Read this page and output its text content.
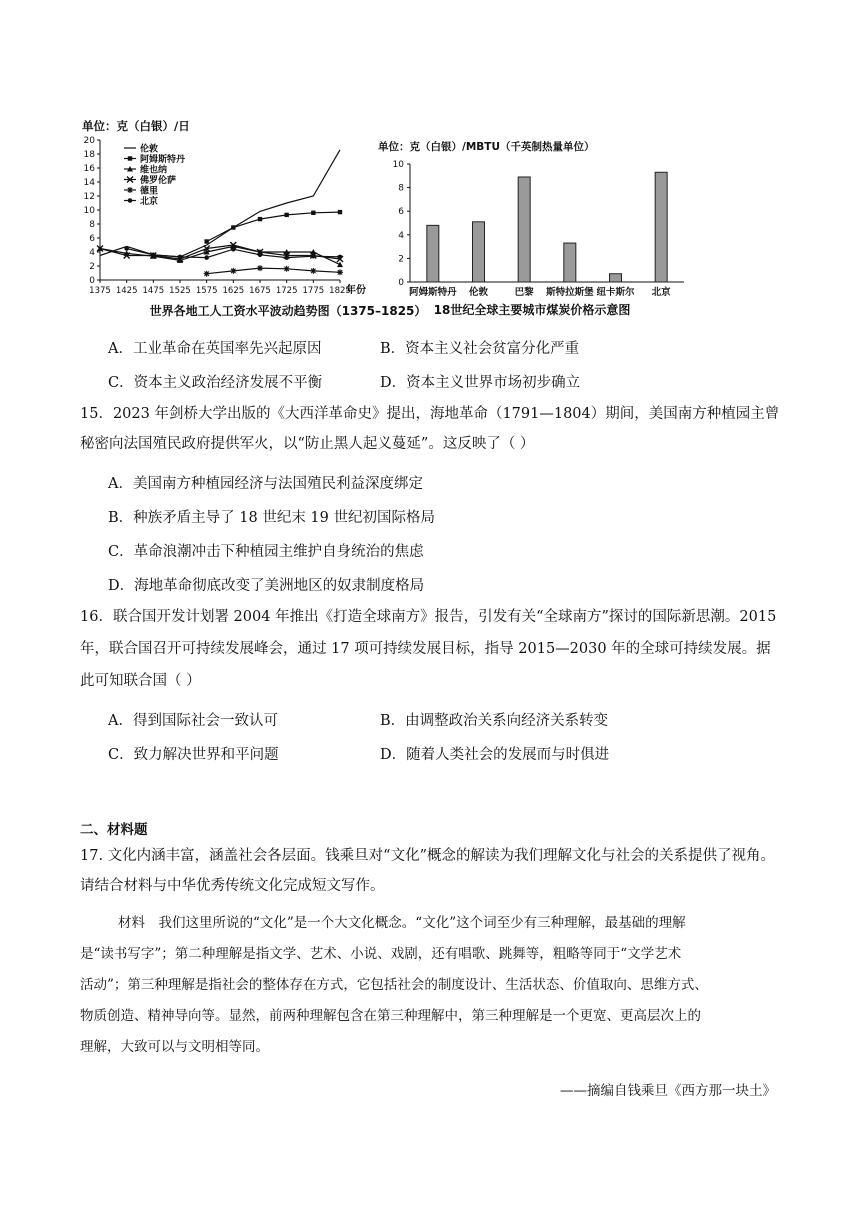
单位：克（白银）/日
0
2
4
6
8
10
12
14
16
18
20
1375 1425 1475 1525 1575 1625 1675 1725 1775 1825
年份
伦敦
阿姆斯特丹
维也纳
佛罗伦萨
德里
北京
世界各地工人工资水平波动趋势图（1375–1825）
单位：克（白银）/MBTU（千英制热量单位）
0
2
4
6
8
10
阿姆斯特丹 伦敦	巴黎 斯特拉斯堡 纽卡斯尔 北京
18世纪全球主要城市煤炭价格示意图
A．工业革命在英国率先兴起原因	B．资本主义社会贫富分化严重
C．资本主义政治经济发展不平衡	D．资本主义世界市场初步确立
15．2023 年剑桥大学出版的《大西洋革命史》提出，海地革命（1791—1804）期间，美国南方种植园主曾
秘密向法国殖民政府提供军火，以“防止黑人起义蔓延”。这反映了（ ）
A．美国南方种植园经济与法国殖民利益深度绑定
B．种族矛盾主导了 18 世纪末 19 世纪初国际格局
C．革命浪潮冲击下种植园主维护自身统治的焦虑
D．海地革命彻底改变了美洲地区的奴隶制度格局
16．联合国开发计划署 2004 年推出《打造全球南方》报告，引发有关“全球南方”探讨的国际新思潮。2015
年，联合国召开可持续发展峰会，通过 17 项可持续发展目标，指导 2015—2030 年的全球可持续发展。据
此可知联合国（ ）
A．得到国际社会一致认可	B．由调整政治关系向经济关系转变
C．致力解决世界和平问题	D．随着人类社会的发展而与时俱进
二、材料题
17. 文化内涵丰富，涵盖社会各层面。钱乘旦对“文化”概念的解读为我们理解文化与社会的关系提供了视角。
请结合材料与中华优秀传统文化完成短文写作。
材料　我们这里所说的“文化”是一个大文化概念。“文化”这个词至少有三种理解，最基础的理解
是“读书写字”；第二种理解是指文学、艺术、小说、戏剧，还有唱歌、跳舞等，粗略等同于“文学艺术
活动”；第三种理解是指社会的整体存在方式，它包括社会的制度设计、生活状态、价值取向、思维方式、
物质创造、精神导向等。显然，前两种理解包含在第三种理解中，第三种理解是一个更宽、更高层次上的
理解，大致可以与文明相等同。
——摘编自钱乘旦《西方那一块土》
